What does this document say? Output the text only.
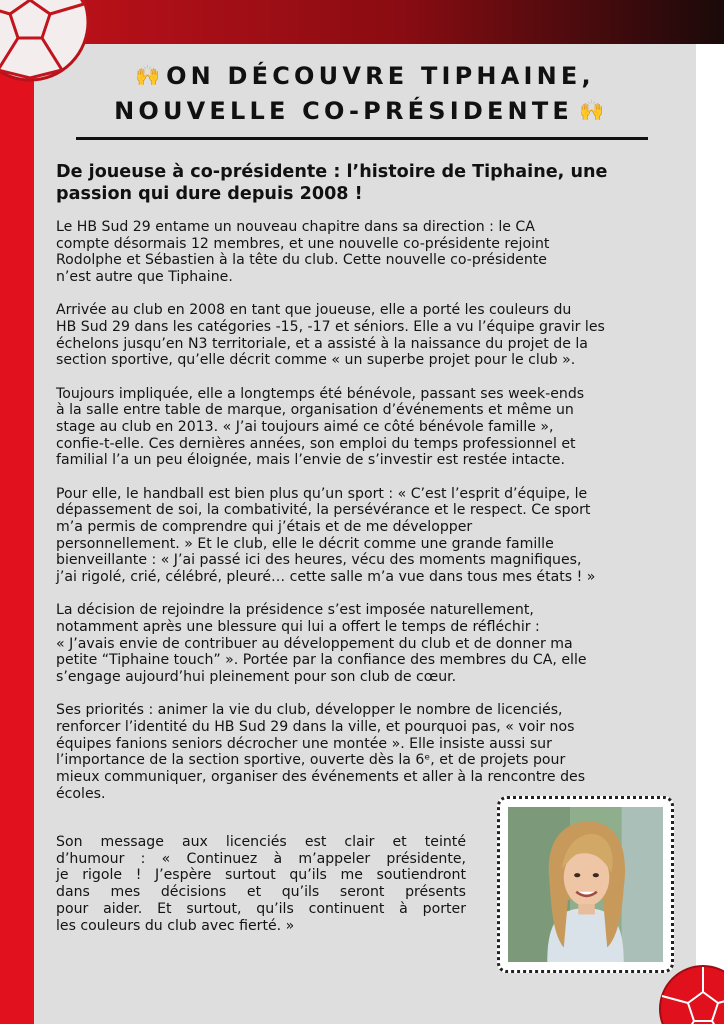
🙌 ON DÉCOUVRE TIPHAINE,
NOUVELLE CO-PRÉSIDENTE 🙌
De joueuse à co-présidente : l’histoire de Tiphaine, une
passion qui dure depuis 2008 !

Le HB Sud 29 entame un nouveau chapitre dans sa direction : le CA
compte désormais 12 membres, et une nouvelle co-présidente rejoint
Rodolphe et Sébastien à la tête du club. Cette nouvelle co-présidente
n’est autre que Tiphaine.

Arrivée au club en 2008 en tant que joueuse, elle a porté les couleurs du
HB Sud 29 dans les catégories -15, -17 et séniors. Elle a vu l’équipe gravir les
échelons jusqu’en N3 territoriale, et a assisté à la naissance du projet de la
section sportive, qu’elle décrit comme « un superbe projet pour le club ».

Toujours impliquée, elle a longtemps été bénévole, passant ses week-ends
à la salle entre table de marque, organisation d’événements et même un
stage au club en 2013. « J’ai toujours aimé ce côté bénévole famille »,
confie-t-elle. Ces dernières années, son emploi du temps professionnel et
familial l’a un peu éloignée, mais l’envie de s’investir est restée intacte.

Pour elle, le handball est bien plus qu’un sport : « C’est l’esprit d’équipe, le
dépassement de soi, la combativité, la persévérance et le respect. Ce sport
m’a permis de comprendre qui j’étais et de me développer
personnellement. » Et le club, elle le décrit comme une grande famille
bienveillante : « J’ai passé ici des heures, vécu des moments magnifiques,
j’ai rigolé, crié, célébré, pleuré… cette salle m’a vue dans tous mes états ! »

La décision de rejoindre la présidence s’est imposée naturellement,
notamment après une blessure qui lui a offert le temps de réfléchir :
« J’avais envie de contribuer au développement du club et de donner ma
petite “Tiphaine touch” ». Portée par la confiance des membres du CA, elle
s’engage aujourd’hui pleinement pour son club de cœur.

Ses priorités : animer la vie du club, développer le nombre de licenciés,
renforcer l’identité du HB Sud 29 dans la ville, et pourquoi pas, « voir nos
équipes fanions seniors décrocher une montée ». Elle insiste aussi sur
l’importance de la section sportive, ouverte dès la 6ᵉ, et de projets pour
mieux communiquer, organiser des événements et aller à la rencontre des
écoles.

Son message aux licenciés est clair et teinté
d’humour : « Continuez à m’appeler présidente,
je rigole ! J’espère surtout qu’ils me soutiendront
dans mes décisions et qu’ils seront présents
pour aider. Et surtout, qu’ils continuent à porter
les couleurs du club avec fierté. »
